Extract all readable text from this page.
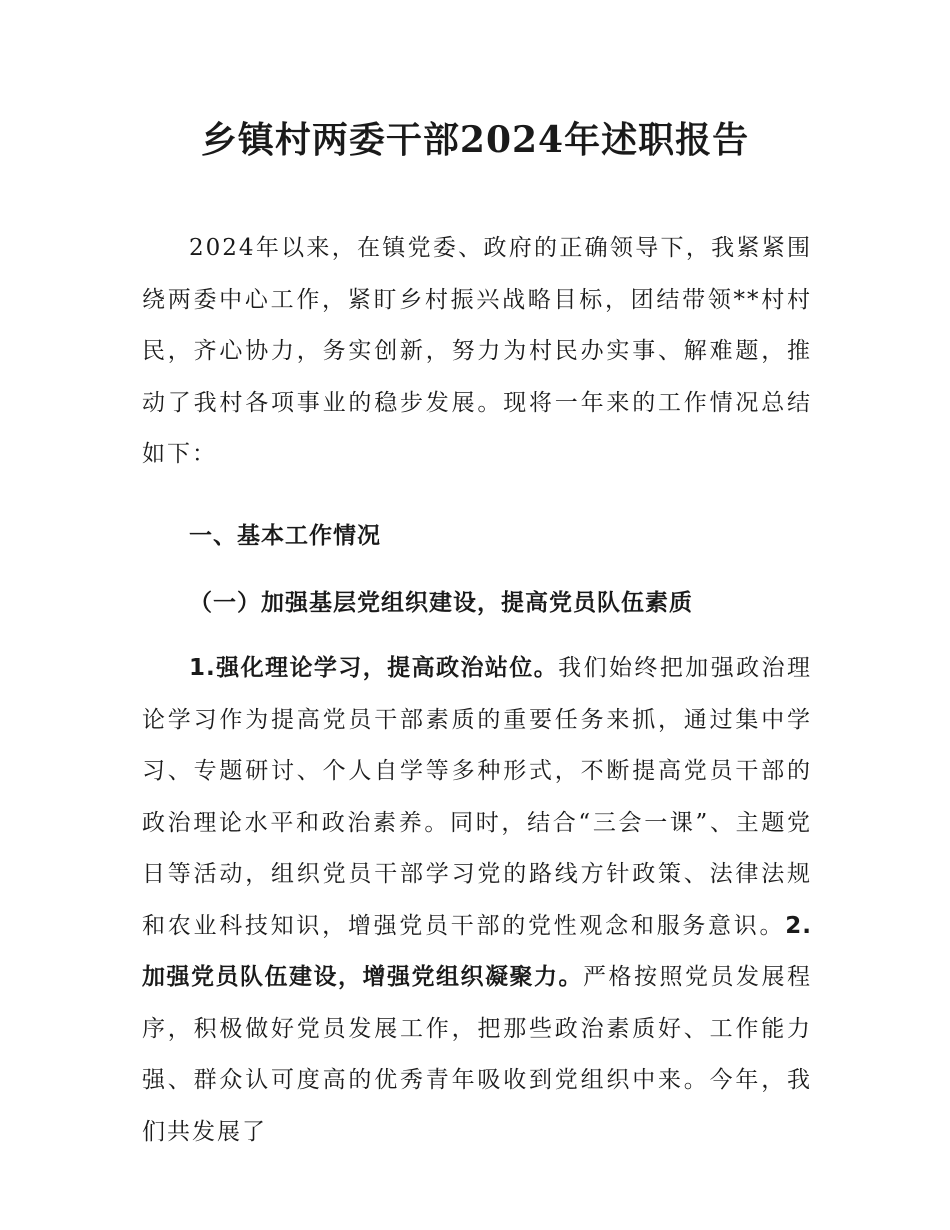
乡镇村两委干部2024年述职报告
2024年以来，在镇党委、政府的正确领导下，我紧紧围绕两委中心工作，紧盯乡村振兴战略目标，团结带领**村村民，齐心协力，务实创新，努力为村民办实事、解难题，推动了我村各项事业的稳步发展。现将一年来的工作情况总结如下：
一、基本工作情况
（一）加强基层党组织建设，提高党员队伍素质
1.强化理论学习，提高政治站位。我们始终把加强政治理论学习作为提高党员干部素质的重要任务来抓，通过集中学习、专题研讨、个人自学等多种形式，不断提高党员干部的政治理论水平和政治素养。同时，结合“三会一课”、主题党日等活动，组织党员干部学习党的路线方针政策、法律法规和农业科技知识，增强党员干部的党性观念和服务意识。2.加强党员队伍建设，增强党组织凝聚力。严格按照党员发展程序，积极做好党员发展工作，把那些政治素质好、工作能力强、群众认可度高的优秀青年吸收到党组织中来。今年，我们共发展了
